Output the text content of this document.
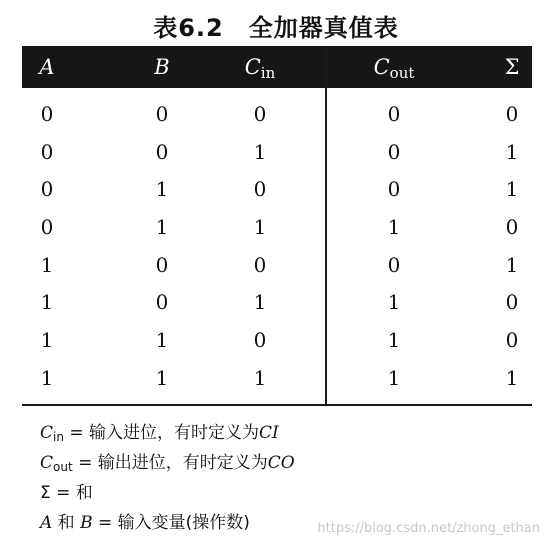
表6.2　全加器真值表
A	B	Cin	Cout	Σ
0	0	0	0	0
0	0	1	0	1
0	1	0	0	1
0	1	1	1	0
1	0	0	0	1
1	0	1	1	0
1	1	0	1	0
1	1	1	1	1
Cin = 输入进位，有时定义为CI
Cout = 输出进位，有时定义为CO
Σ = 和
A 和 B = 输入变量(操作数)	https://blog.csdn.net/zhong_ethan
